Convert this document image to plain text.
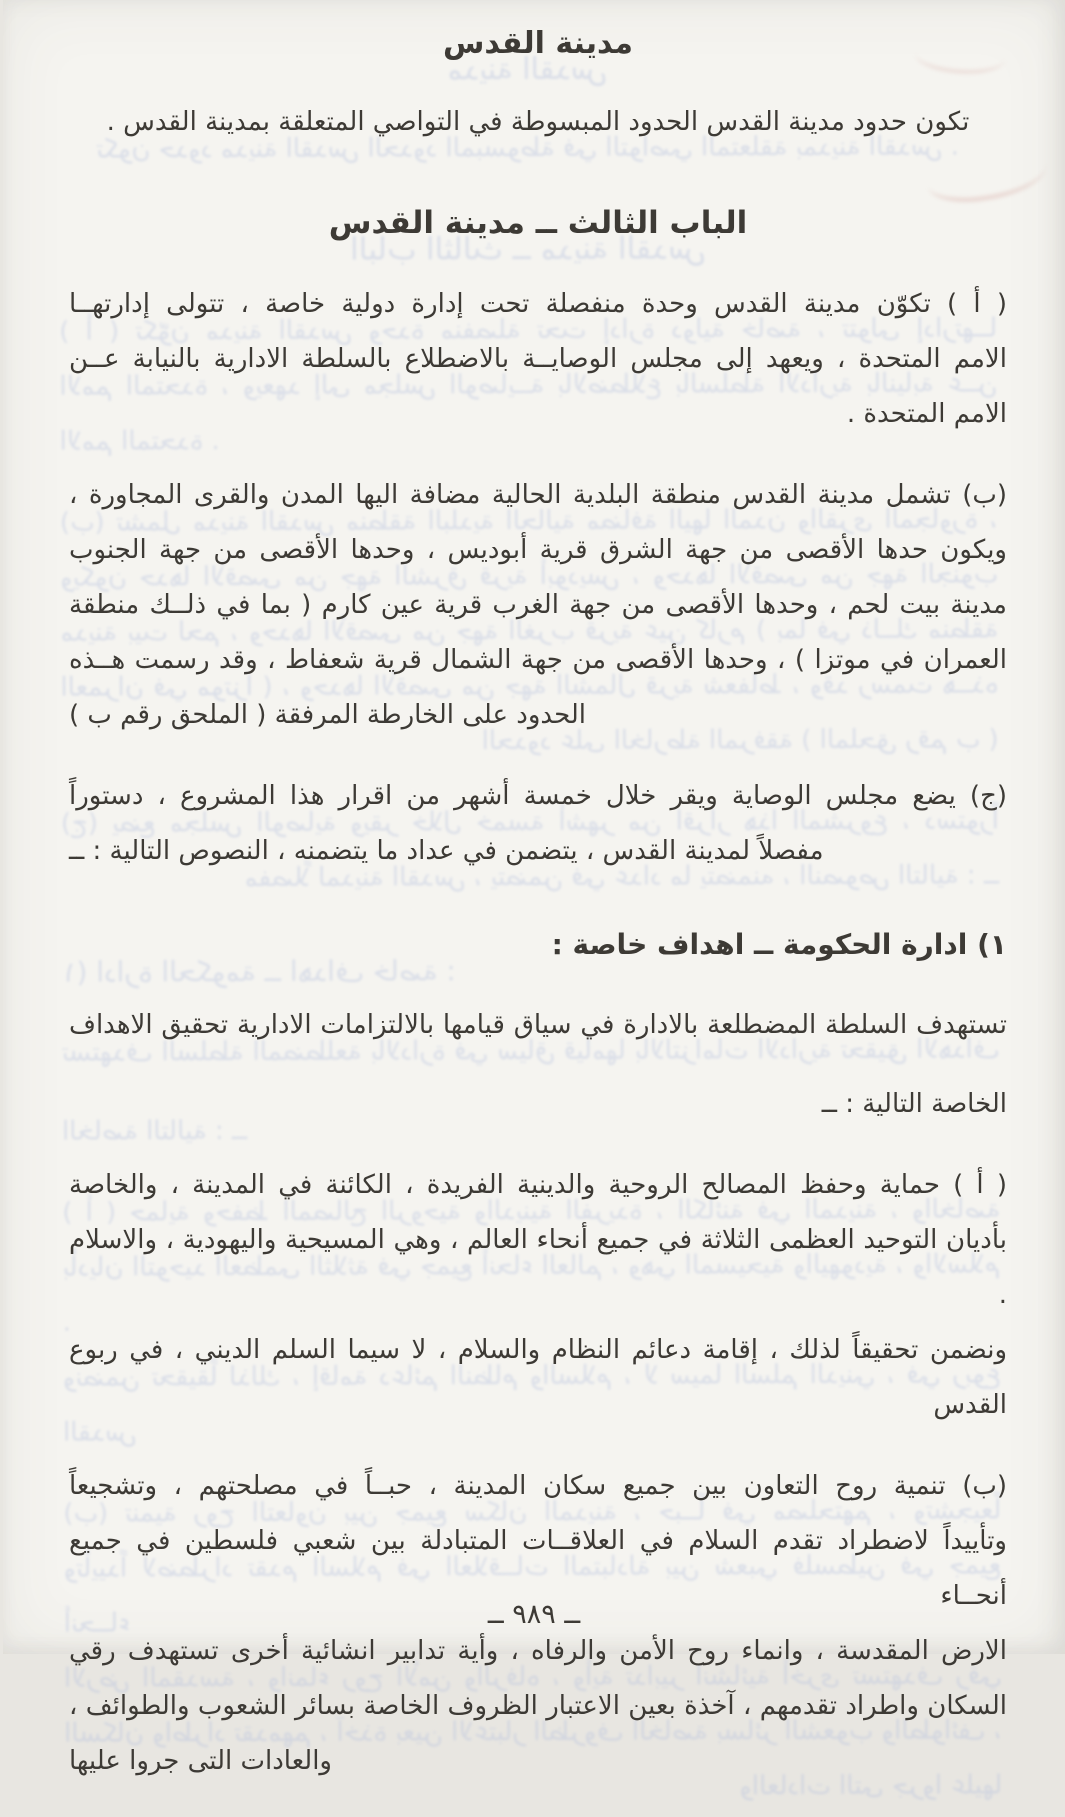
مدينة القدس
تكون حدود مدينة القدس الحدود المبسوطة في التواصي المتعلقة بمدينة القدس .
الباب الثالث ــ مدينة القدس
( أ ) تكوّن مدينة القدس وحدة منفصلة تحت إدارة دولية خاصة ، تتولى إدارتهــا
الامم المتحدة ، ويعهد إلى مجلس الوصايــة بالاضطلاع بالسلطة الادارية بالنيابة عــن
الامم المتحدة .
(ب) تشمل مدينة القدس منطقة البلدية الحالية مضافة اليها المدن والقرى المجاورة ،
ويكون حدها الأقصى من جهة الشرق قرية أبوديس ، وحدها الأقصى من جهة الجنوب
مدينة بيت لحم ، وحدها الأقصى من جهة الغرب قرية عين كارم ( بما في ذلــك منطقة
العمران في موتزا ) ، وحدها الأقصى من جهة الشمال قرية شعفاط ، وقد رسمت هــذه
الحدود على الخارطة المرفقة ( الملحق رقم ب )
(ج) يضع مجلس الوصاية ويقر خلال خمسة أشهر من اقرار هذا المشروع ، دستوراً
مفصلاً لمدينة القدس ، يتضمن في عداد ما يتضمنه ، النصوص التالية : ــ
١) ادارة الحكومة ــ اهداف خاصة :
تستهدف السلطة المضطلعة بالادارة في سياق قيامها بالالتزامات الادارية تحقيق الاهداف
الخاصة التالية : ــ
( أ ) حماية وحفظ المصالح الروحية والدينية الفريدة ، الكائنة في المدينة ، والخاصة
بأديان التوحيد العظمى الثلاثة في جميع أنحاء العالم ، وهي المسيحية واليهودية ، والاسلام .
ونضمن تحقيقاً لذلك ، إقامة دعائم النظام والسلام ، لا سيما السلم الديني ، في ربوع القدس
(ب) تنمية روح التعاون بين جميع سكان المدينة ، حبــاً في مصلحتهم ، وتشجيعاً
وتأييداً لاضطراد تقدم السلام في العلاقــات المتبادلة بين شعبي فلسطين في جميع أنحــاء
الارض المقدسة ، وانماء روح الأمن والرفاه ، وأية تدابير انشائية أخرى تستهدف رقي
السكان واطراد تقدمهم ، آخذة بعين الاعتبار الظروف الخاصة بسائر الشعوب والطوائف ،
والعادات التى جروا عليها
مدينة القدس
تكون حدود مدينة القدس الحدود المبسوطة في التواصي المتعلقة بمدينة القدس .
الباب الثالث ــ مدينة القدس
( أ ) تكوّن مدينة القدس وحدة منفصلة تحت إدارة دولية خاصة ، تتولى إدارتهــا
الامم المتحدة ، ويعهد إلى مجلس الوصايــة بالاضطلاع بالسلطة الادارية بالنيابة عــن
الامم المتحدة .
(ب) تشمل مدينة القدس منطقة البلدية الحالية مضافة اليها المدن والقرى المجاورة ،
ويكون حدها الأقصى من جهة الشرق قرية أبوديس ، وحدها الأقصى من جهة الجنوب
مدينة بيت لحم ، وحدها الأقصى من جهة الغرب قرية عين كارم ( بما في ذلــك منطقة
العمران في موتزا ) ، وحدها الأقصى من جهة الشمال قرية شعفاط ، وقد رسمت هــذه
الحدود على الخارطة المرفقة ( الملحق رقم ب )
(ج) يضع مجلس الوصاية ويقر خلال خمسة أشهر من اقرار هذا المشروع ، دستوراً
مفصلاً لمدينة القدس ، يتضمن في عداد ما يتضمنه ، النصوص التالية : ــ
١) ادارة الحكومة ــ اهداف خاصة :
تستهدف السلطة المضطلعة بالادارة في سياق قيامها بالالتزامات الادارية تحقيق الاهداف
الخاصة التالية : ــ
( أ ) حماية وحفظ المصالح الروحية والدينية الفريدة ، الكائنة في المدينة ، والخاصة
بأديان التوحيد العظمى الثلاثة في جميع أنحاء العالم ، وهي المسيحية واليهودية ، والاسلام .
ونضمن تحقيقاً لذلك ، إقامة دعائم النظام والسلام ، لا سيما السلم الديني ، في ربوع القدس
(ب) تنمية روح التعاون بين جميع سكان المدينة ، حبــاً في مصلحتهم ، وتشجيعاً
وتأييداً لاضطراد تقدم السلام في العلاقــات المتبادلة بين شعبي فلسطين في جميع أنحــاء
الارض المقدسة ، وانماء روح الأمن والرفاه ، وأية تدابير انشائية أخرى تستهدف رقي
السكان واطراد تقدمهم ، آخذة بعين الاعتبار الظروف الخاصة بسائر الشعوب والطوائف ،
والعادات التى جروا عليها
ــ ٩٨٩ ــ
